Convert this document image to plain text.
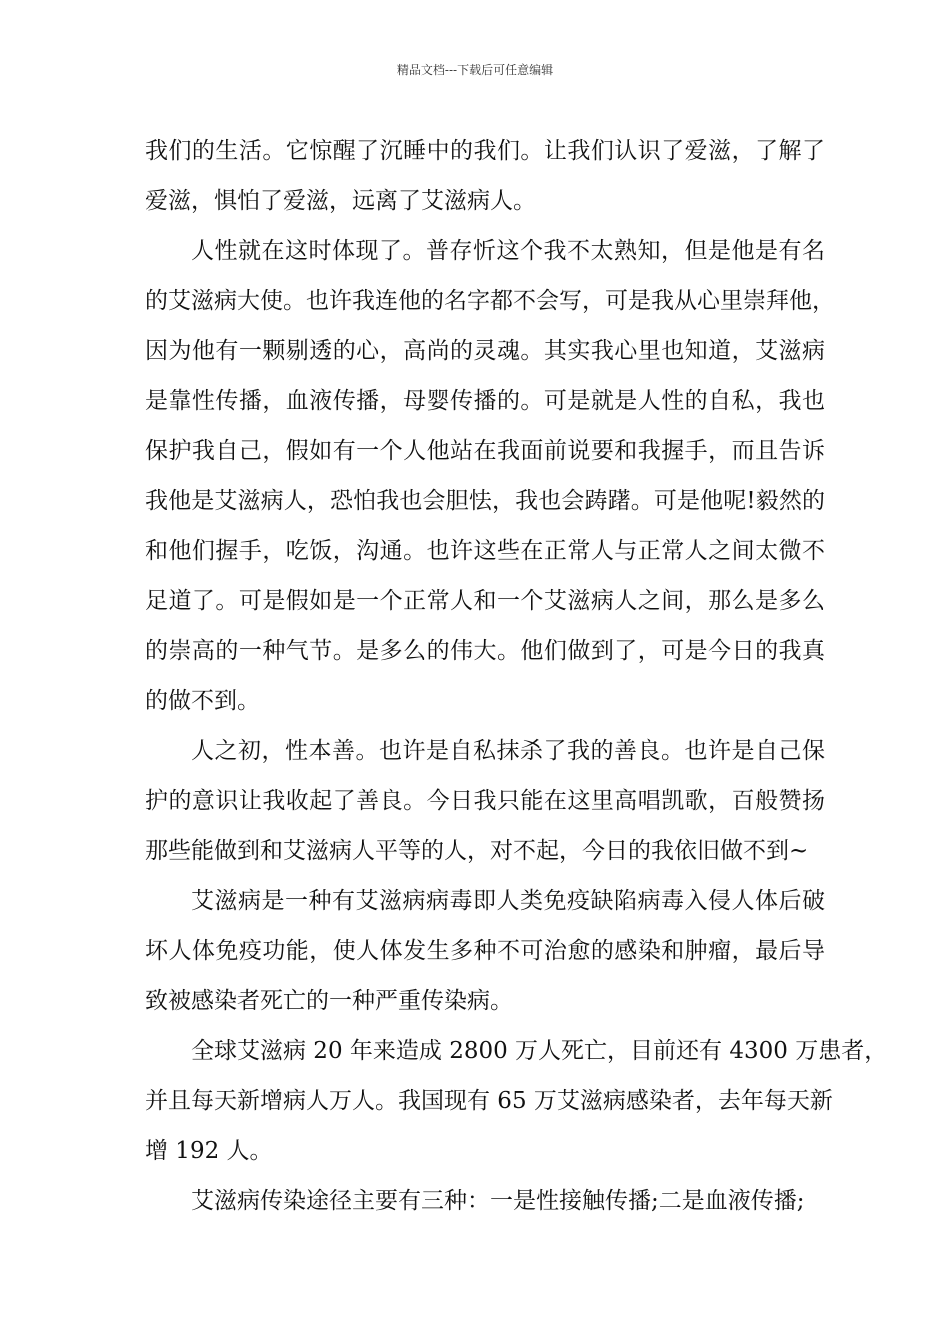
精品文档---下载后可任意编辑
我们的生活。它惊醒了沉睡中的我们。让我们认识了爱滋，了解了
爱滋，惧怕了爱滋，远离了艾滋病人。
人性就在这时体现了。普存忻这个我不太熟知，但是他是有名
的艾滋病大使。也许我连他的名字都不会写，可是我从心里崇拜他，
因为他有一颗剔透的心，高尚的灵魂。其实我心里也知道，艾滋病
是靠性传播，血液传播，母婴传播的。可是就是人性的自私，我也
保护我自己，假如有一个人他站在我面前说要和我握手，而且告诉
我他是艾滋病人，恐怕我也会胆怯，我也会踌躇。可是他呢!毅然的
和他们握手，吃饭，沟通。也许这些在正常人与正常人之间太微不
足道了。可是假如是一个正常人和一个艾滋病人之间，那么是多么
的崇高的一种气节。是多么的伟大。他们做到了，可是今日的我真
的做不到。
人之初，性本善。也许是自私抹杀了我的善良。也许是自己保
护的意识让我收起了善良。今日我只能在这里高唱凯歌，百般赞扬
那些能做到和艾滋病人平等的人，对不起，今日的我依旧做不到~
艾滋病是一种有艾滋病病毒即人类免疫缺陷病毒入侵人体后破
坏人体免疫功能，使人体发生多种不可治愈的感染和肿瘤，最后导
致被感染者死亡的一种严重传染病。
全球艾滋病 20 年来造成 2800 万人死亡，目前还有 4300 万患者，
并且每天新增病人万人。我国现有 65 万艾滋病感染者，去年每天新
增 192 人。
艾滋病传染途径主要有三种：一是性接触传播;二是血液传播;
